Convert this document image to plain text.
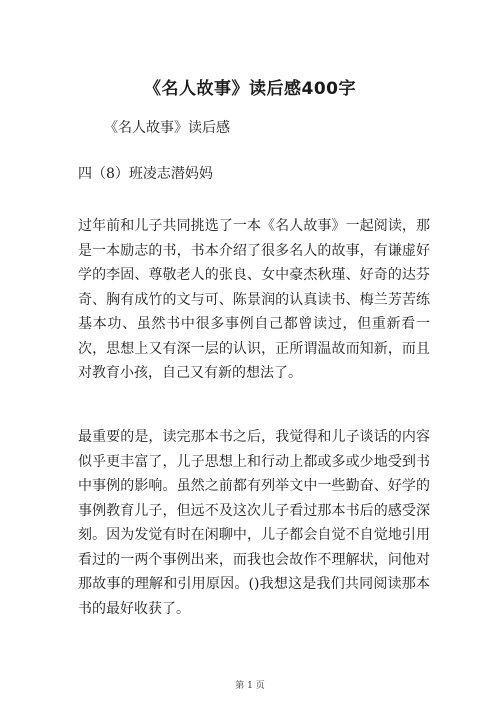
《名人故事》读后感400字
《名人故事》读后感
四（8）班凌志潜妈妈

过年前和儿子共同挑选了一本《名人故事》一起阅读，那是一本励志的书，书本介绍了很多名人的故事，有谦虚好学的李固、尊敬老人的张良、女中豪杰秋瑾、好奇的达芬奇、胸有成竹的文与可、陈景润的认真读书、梅兰芳苦练基本功、虽然书中很多事例自己都曾读过，但重新看一次，思想上又有深一层的认识，正所谓温故而知新，而且对教育小孩，自己又有新的想法了。

最重要的是，读完那本书之后，我觉得和儿子谈话的内容似乎更丰富了，儿子思想上和行动上都或多或少地受到书中事例的影响。虽然之前都有列举文中一些勤奋、好学的事例教育儿子，但远不及这次儿子看过那本书后的感受深刻。因为发觉有时在闲聊中，儿子都会自觉不自觉地引用看过的一两个事例出来，而我也会故作不理解状，问他对那故事的理解和引用原因。()我想这是我们共同阅读那本书的最好收获了。

第 1 页
